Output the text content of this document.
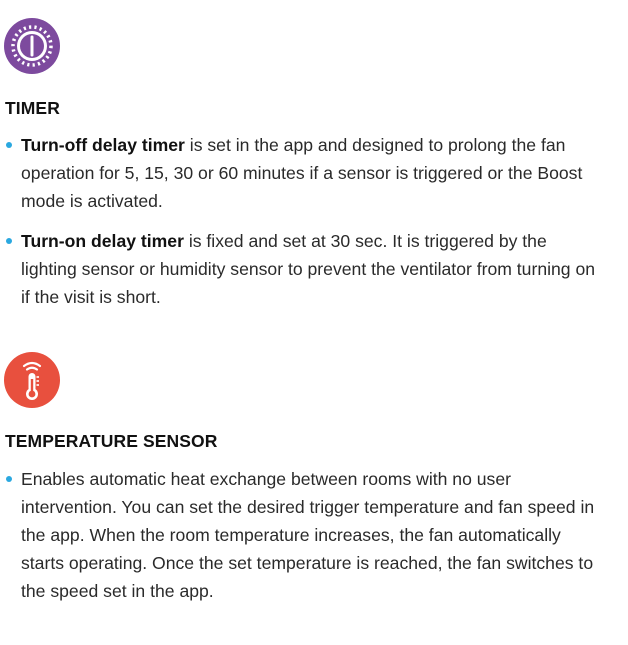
TIMER
Turn-off delay timer is set in the app and designed to prolong the fan operation for 5, 15, 30 or 60 minutes if a sensor is triggered or the Boost mode is activated.
Turn-on delay timer is fixed and set at 30 sec. It is triggered by the lighting sensor or humidity sensor to prevent the ventilator from turning on if the visit is short.
TEMPERATURE SENSOR
Enables automatic heat exchange between rooms with no user intervention. You can set the desired trigger temperature and fan speed in the app. When the room temperature increases, the fan automatically starts operating. Once the set temperature is reached, the fan switches to the speed set in the app.
